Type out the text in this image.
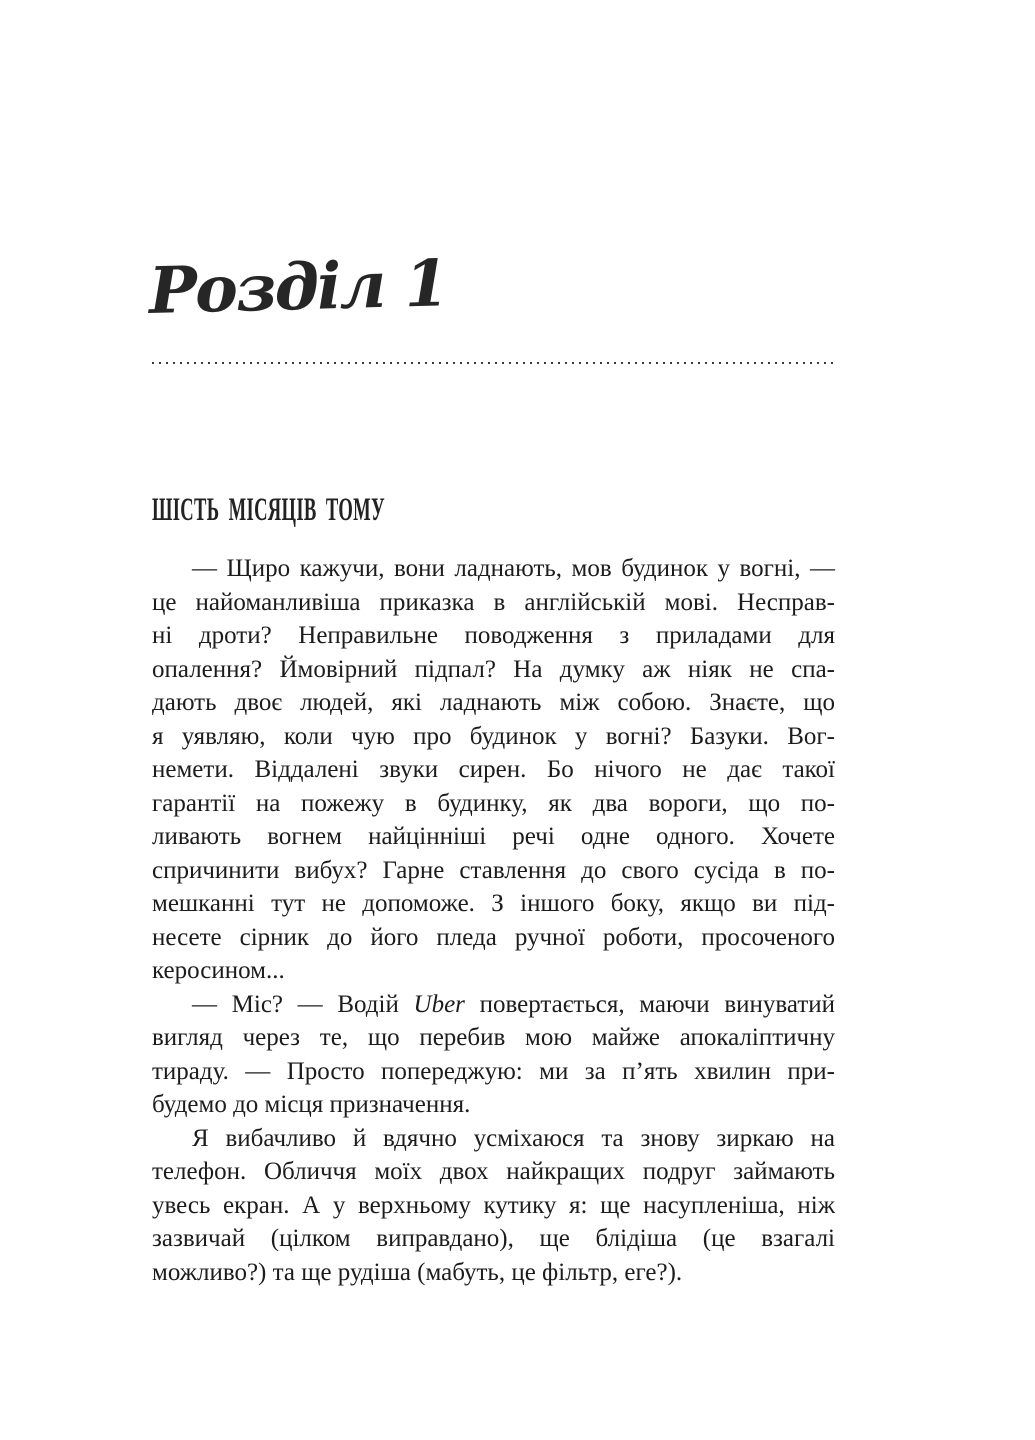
Розділ 1
ШІСТЬ МІСЯЦІВ ТОМУ
— Щиро кажучи, вони ладнають, мов будинок у вогні, —
це найоманливіша приказка в англійській мові. Несправ-
ні дроти? Неправильне поводження з приладами для
опалення? Ймовірний підпал? На думку аж ніяк не спа-
дають двоє людей, які ладнають між собою. Знаєте, що
я уявляю, коли чую про будинок у вогні? Базуки. Вог-
немети. Віддалені звуки сирен. Бо нічого не дає такої
гарантії на пожежу в будинку, як два вороги, що по-
ливають вогнем найцінніші речі одне одного. Хочете
спричинити вибух? Гарне ставлення до свого сусіда в по-
мешканні тут не допоможе. З іншого боку, якщо ви під-
несете сірник до його пледа ручної роботи, просоченого
керосином...
— Міс? — Водій Uber повертається, маючи винуватий
вигляд через те, що перебив мою майже апокаліптичну
тираду. — Просто попереджую: ми за п’ять хвилин при-
будемо до місця призначення.
Я вибачливо й вдячно усміхаюся та знову зиркаю на
телефон. Обличчя моїх двох найкращих подруг займають
увесь екран. А у верхньому кутику я: ще насупленіша, ніж
зазвичай (цілком виправдано), ще блідіша (це взагалі
можливо?) та ще рудіша (мабуть, це фільтр, еге?).
